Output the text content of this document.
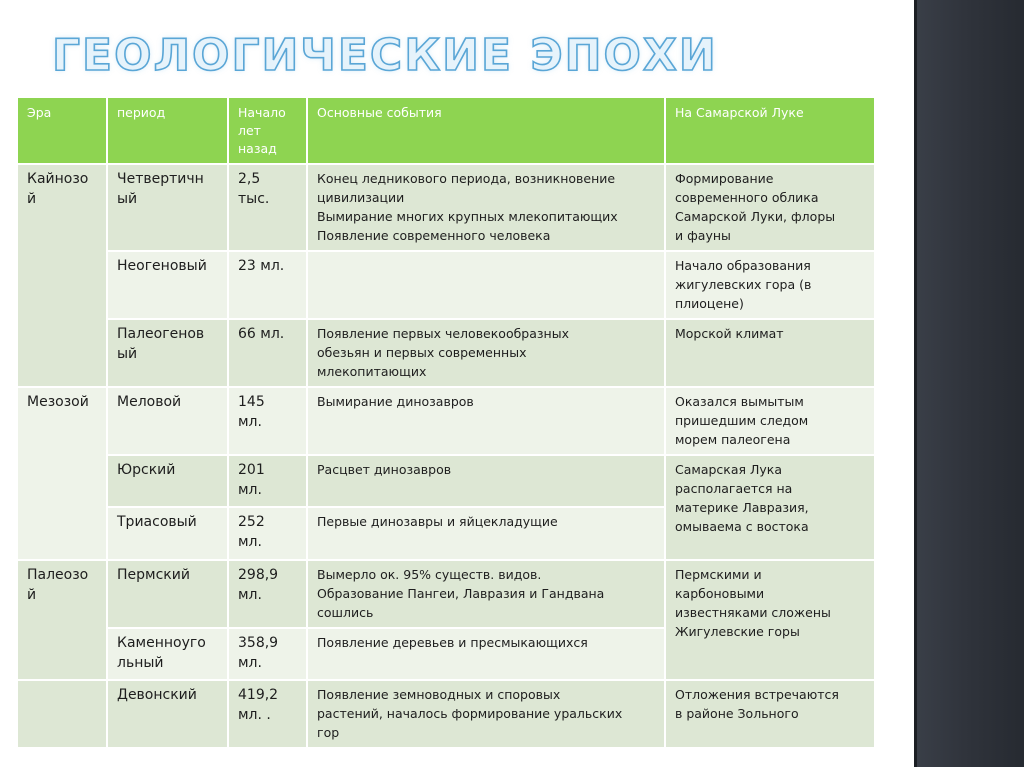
ГЕОЛОГИЧЕСКИЕ ЭПОХИ
Эра	период	Начало
лет
назад	Основные события	На Самарской Луке

Кайнозо
й	Четвертичн
ый	2,5
тыс.	Конец ледникового периода, возникновение
цивилизации
Вымирание многих крупных млекопитающих
Появление современного человека	Формирование
современного облика
Самарской Луки, флоры
и фауны

	Неогеновый	23 мл.		Начало образования
жигулевских гора (в
плиоцене)

	Палеогенов
ый	66 мл.	Появление первых человекообразных
обезьян и первых современных
млекопитающих	Морской климат

Мезозой	Меловой	145
мл.	Вымирание динозавров	Оказался вымытым
пришедшим следом
морем палеогена

	Юрский	201
мл.	Расцвет динозавров	Самарская Лука
располагается на
материке Лавразия,
омываема с востока

	Триасовый	252
мл.	Первые динозавры и яйцекладущие	

Палеозо
й	Пермский	298,9
мл.	Вымерло ок. 95% существ. видов.
Образование Пангеи, Лавразия и Гандвана
сошлись	Пермскими и
карбоновыми
известняками сложены
Жигулевские горы

	Каменноуго
льный	358,9
мл.	Появление деревьев и пресмыкающихся	

	Девонский	419,2
мл. .	Появление земноводных и споровых
растений, началось формирование уральских
гор	Отложения встречаются
в районе Зольного
